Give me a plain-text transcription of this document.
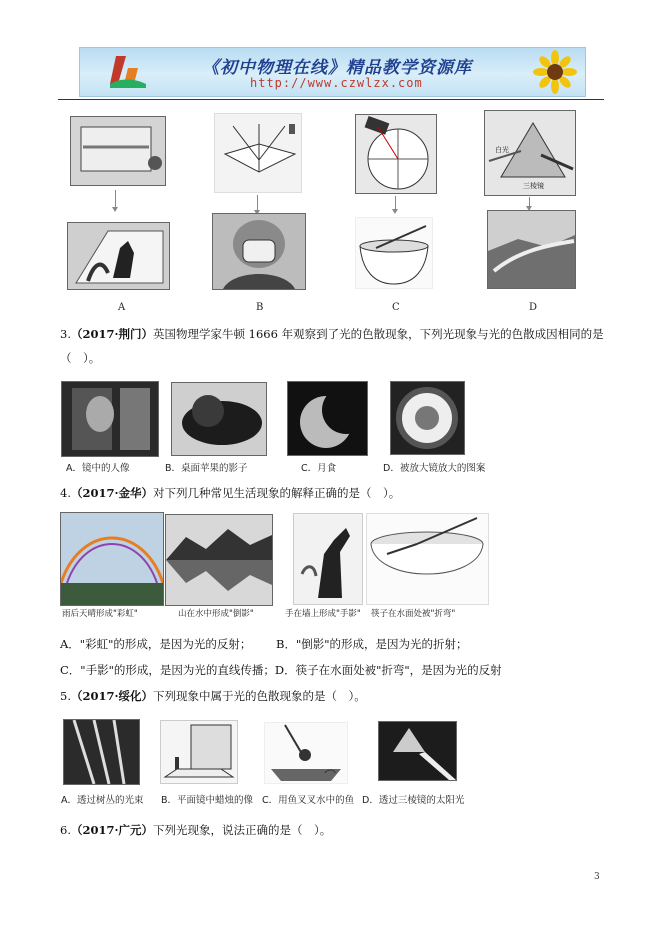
《初中物理在线》精品教学资源库
http://www.czwlzx.com
A	B	C
白光
三棱镜
D
3.（2017·荆门）英国物理学家牛顿 1666 年观察到了光的色散现象，下列光现象与光的色散成因相同的是
（　）。
A．镜中的人像	B．桌面苹果的影子	C．月食	D．被放大镜放大的图案
4.（2017·金华）对下列几种常见生活现象的解释正确的是（　）。
雨后天晴形成"彩虹"	山在水中形成"倒影"	手在墙上形成"手影" 筷子在水面处被"折弯"
A．"彩虹"的形成，是因为光的反射； B．"倒影"的形成，是因为光的折射；
C．"手影"的形成，是因为光的直线传播；D．筷子在水面处被"折弯"，是因为光的反射
5.（2017·绥化）下列现象中属于光的色散现象的是（　）。
A．透过树丛的光束 B．平面镜中蜡烛的像 C．用鱼叉叉水中的鱼 D．透过三棱镜的太阳光
6.（2017·广元）下列光现象，说法正确的是（　）。
3
